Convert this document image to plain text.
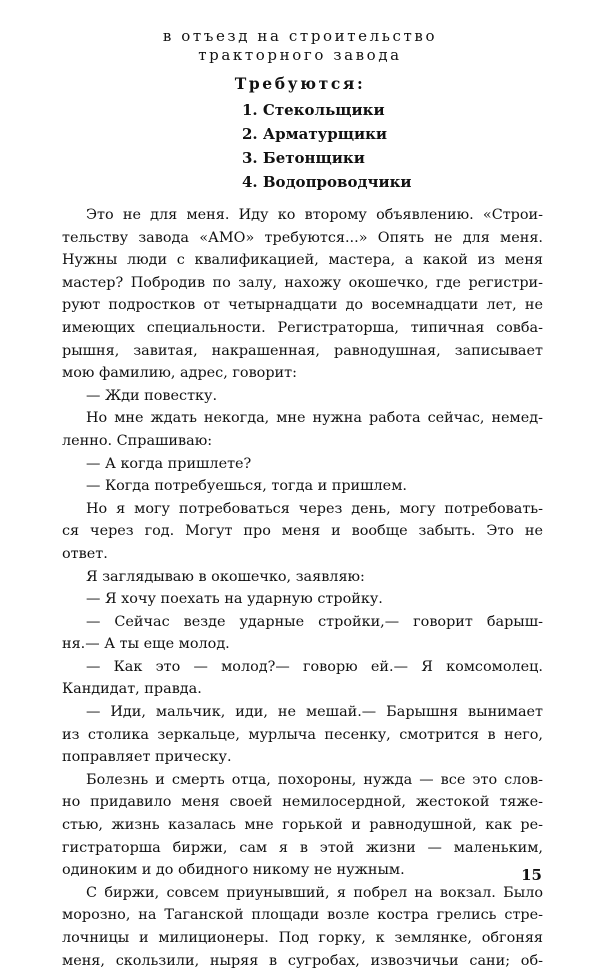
в отъезд на строительство
тракторного завода
Требуются:
1. Стекольщики
2. Арматурщики
3. Бетонщики
4. Водопроводчики
Это не для меня. Иду ко второму объявлению. «Строи-
тельству завода «АМО» требуются...» Опять не для меня.
Нужны люди с квалификацией, мастера, а какой из меня
мастер? Побродив по залу, нахожу окошечко, где регистри-
руют подростков от четырнадцати до восемнадцати лет, не
имеющих специальности. Регистраторша, типичная совба-
рышня, завитая, накрашенная, равнодушная, записывает
мою фамилию, адрес, говорит:
— Жди повестку.
Но мне ждать некогда, мне нужна работа сейчас, немед-
ленно. Спрашиваю:
— А когда пришлете?
— Когда потребуешься, тогда и пришлем.
Но я могу потребоваться через день, могу потребовать-
ся через год. Могут про меня и вообще забыть. Это не
ответ.
Я заглядываю в окошечко, заявляю:
— Я хочу поехать на ударную стройку.
— Сейчас везде ударные стройки,— говорит барыш-
ня.— А ты еще молод.
— Как это — молод?— говорю ей.— Я комсомолец.
Кандидат, правда.
— Иди, мальчик, иди, не мешай.— Барышня вынимает
из столика зеркальце, мурлыча песенку, смотрится в него,
поправляет прическу.
Болезнь и смерть отца, похороны, нужда — все это слов-
но придавило меня своей немилосердной, жестокой тяже-
стью, жизнь казалась мне горькой и равнодушной, как ре-
гистраторша биржи, сам я в этой жизни — маленьким,
одиноким и до обидного никому не нужным.
С биржи, совсем приунывший, я побрел на вокзал. Было
морозно, на Таганской площади возле костра грелись стре-
лочницы и милиционеры. Под горку, к землянке, обгоняя
меня, скользили, ныряя в сугробах, извозчичьи сани; об-
15
